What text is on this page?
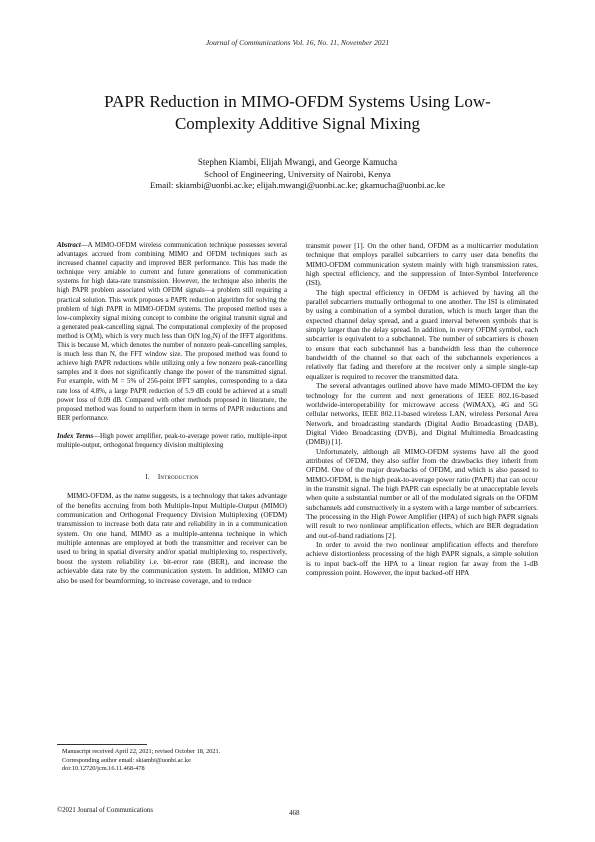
Journal of Communications Vol. 16, No. 11, November 2021
PAPR Reduction in MIMO-OFDM Systems Using Low-
Complexity Additive Signal Mixing
Stephen Kiambi, Elijah Mwangi, and George Kamucha
School of Engineering, University of Nairobi, Kenya
Email: skiambi@uonbi.ac.ke; elijah.mwangi@uonbi.ac.ke; gkamucha@uonbi.ac.ke

Abstract—A MIMO-OFDM wireless communication technique possesses several advantages accrued from combining MIMO and OFDM techniques such as increased channel capacity and improved BER performance. This has made the technique very amiable to current and future generations of communication systems for high data-rate transmission. However, the technique also inherits the high PAPR problem associated with OFDM signals—a problem still requiring a practical solution. This work proposes a PAPR reduction algorithm for solving the problem of high PAPR in MIMO-OFDM systems. The proposed method uses a low-complexity signal mixing concept to combine the original transmit signal and a generated peak-cancelling signal. The computational complexity of the proposed method is O(M), which is very much less than O(N log₂N) of the IFFT algorithms. This is because M, which denotes the number of nonzero peak-cancelling samples, is much less than N, the FFT window size. The proposed method was found to achieve high PAPR reductions while utilizing only a few nonzero peak-cancelling samples and it does not significantly change the power of the transmitted signal. For example, with M = 5% of 256-point IFFT samples, corresponding to a data rate loss of 4.8%, a large PAPR reduction of 5.9 dB could be achieved at a small power loss of 0.09 dB. Compared with other methods proposed in literature, the proposed method was found to outperform them in terms of PAPR reductions and BER performance.

Index Terms—High power amplifier, peak-to-average power ratio, multiple-input multiple-output, orthogonal frequency division multiplexing

I. Introduction

MIMO-OFDM, as the name suggests, is a technology that takes advantage of the benefits accruing from both Multiple-Input Multiple-Output (MIMO) communication and Orthogonal Frequency Division Multiplexing (OFDM) transmission to increase both data rate and reliability in in a communication system. On one hand, MIMO as a multiple-antenna technique in which multiple antennas are employed at both the transmitter and receiver can be used to bring in spatial diversity and/or spatial multiplexing to, respectively, boost the system reliability i.e. bit-error rate (BER), and increase the achievable data rate by the communication system. In addition, MIMO can also be used for beamforming, to increase coverage, and to reduce

transmit power [1]. On the other hand, OFDM as a multicarrier modulation technique that employs parallel subcarriers to carry user data benefits the MIMO-OFDM communication system mainly with high transmission rates, high spectral efficiency, and the suppression of Inter-Symbol Interference (ISI).

The high spectral efficiency in OFDM is achieved by having all the parallel subcarriers mutually orthogonal to one another. The ISI is eliminated by using a combination of a symbol duration, which is much larger than the expected channel delay spread, and a guard interval between symbols that is simply larger than the delay spread. In addition, in every OFDM symbol, each subcarrier is equivalent to a subchannel. The number of subcarriers is chosen to ensure that each subchannel has a bandwidth less than the coherence bandwidth of the channel so that each of the subchannels experiences a relatively flat fading and therefore at the receiver only a simple single-tap equalizer is required to recover the transmitted data.

The several advantages outlined above have made MIMO-OFDM the key technology for the current and next generations of IEEE 802.16-based worldwide-interoperability for microwave access (WiMAX), 4G and 5G cellular networks, IEEE 802.11-based wireless LAN, wireless Personal Area Network, and broadcasting standards (Digital Audio Broadcasting (DAB), Digital Video Broadcasting (DVB), and Digital Multimedia Broadcasting (DMB)) [1].

Unfortunately, although all MIMO-OFDM systems have all the good attributes of OFDM, they also suffer from the drawbacks they inherit from OFDM. One of the major drawbacks of OFDM, and which is also passed to MIMO-OFDM, is the high peak-to-average power ratio (PAPR) that can occur in the transmit signal. The high PAPR can especially be at unacceptable levels when quite a substantial number or all of the modulated signals on the OFDM subchannels add constructively in a system with a large number of subcarriers. The processing in the High Power Amplifier (HPA) of such high PAPR signals will result to two nonlinear amplification effects, which are BER degradation and out-of-band radiations [2].

In order to avoid the two nonlinear amplification effects and therefore achieve distortionless processing of the high PAPR signals, a simple solution is to input back-off the HPA to a linear region far away from the 1-dB compression point. However, the input backed-off HPA

Manuscript received April 22, 2021; revised October 18, 2021.
Corresponding author email: skiambi@uonbi.ac.ke
doi:10.12720/jcm.16.11.468-478
©2021 Journal of Communications	468
